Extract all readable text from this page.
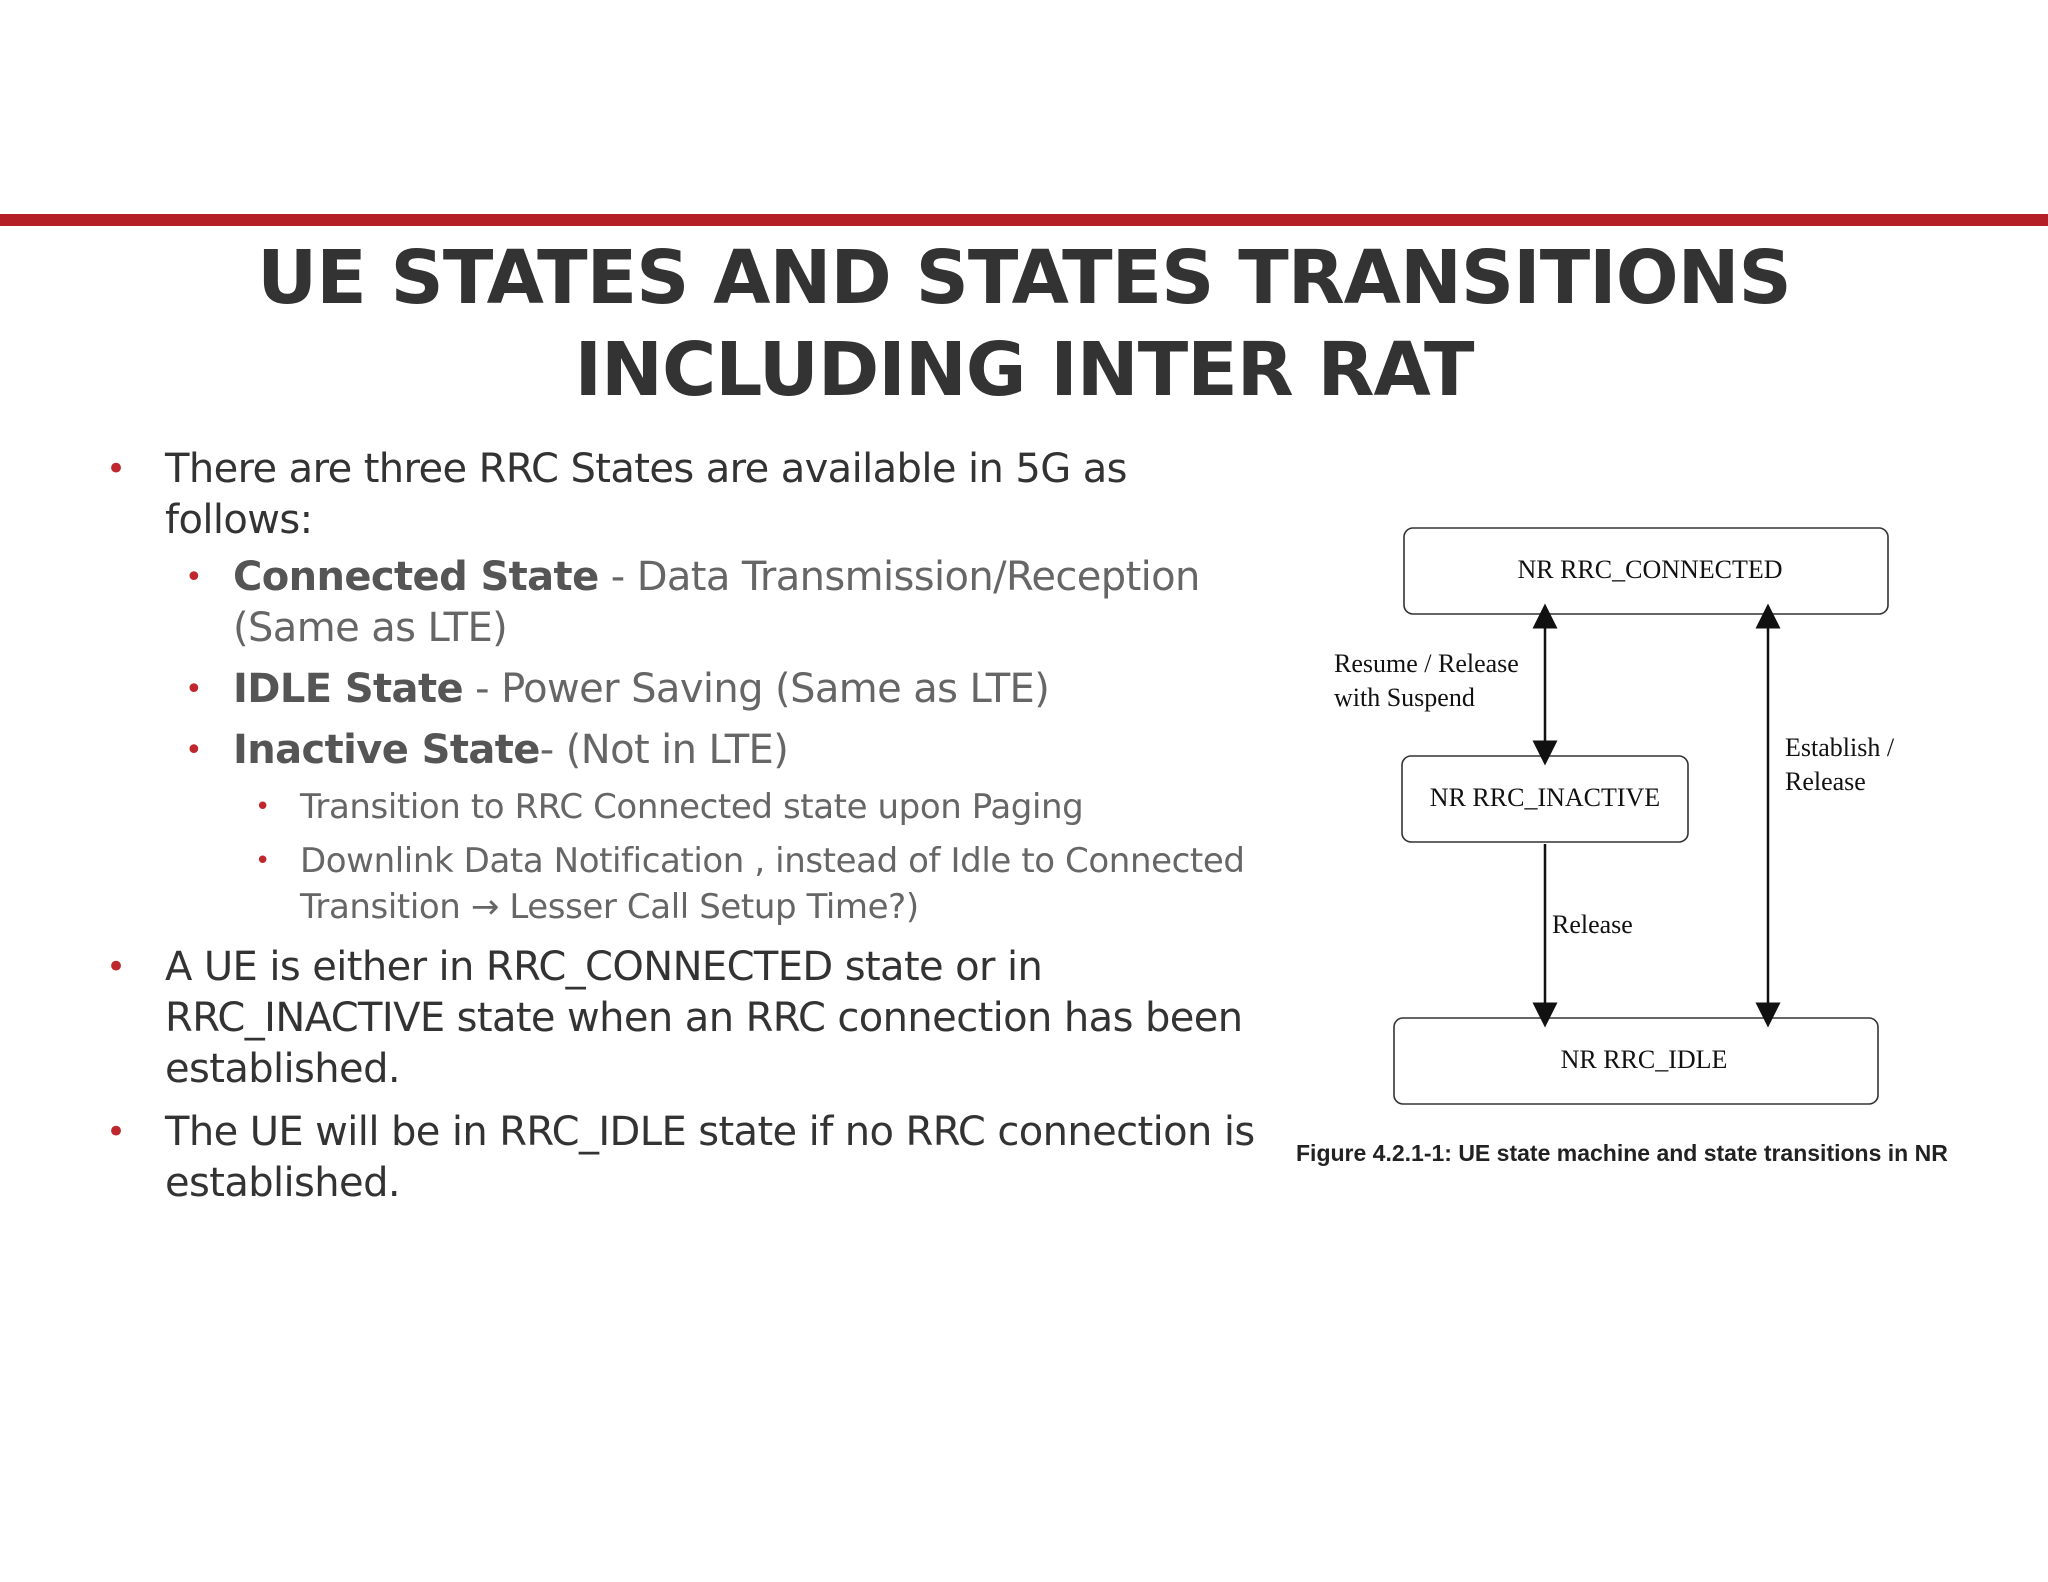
UE STATES AND STATES TRANSITIONS
INCLUDING INTER RAT
• There are three RRC States are available in 5G as follows:
• Connected State - Data Transmission/Reception (Same as LTE)
• IDLE State - Power Saving (Same as LTE)
• Inactive State- (Not in LTE)
• Transition to RRC Connected state upon Paging
• Downlink Data Notification , instead of Idle to Connected Transition → Lesser Call Setup Time?)
• A UE is either in RRC_CONNECTED state or in RRC_INACTIVE state when an RRC connection has been established.
• The UE will be in RRC_IDLE state if no RRC connection is established.
NR RRC_CONNECTED
NR RRC_INACTIVE
NR RRC_IDLE
Resume / Release
with Suspend
Establish /
Release
Release
Figure 4.2.1-1: UE state machine and state transitions in NR
